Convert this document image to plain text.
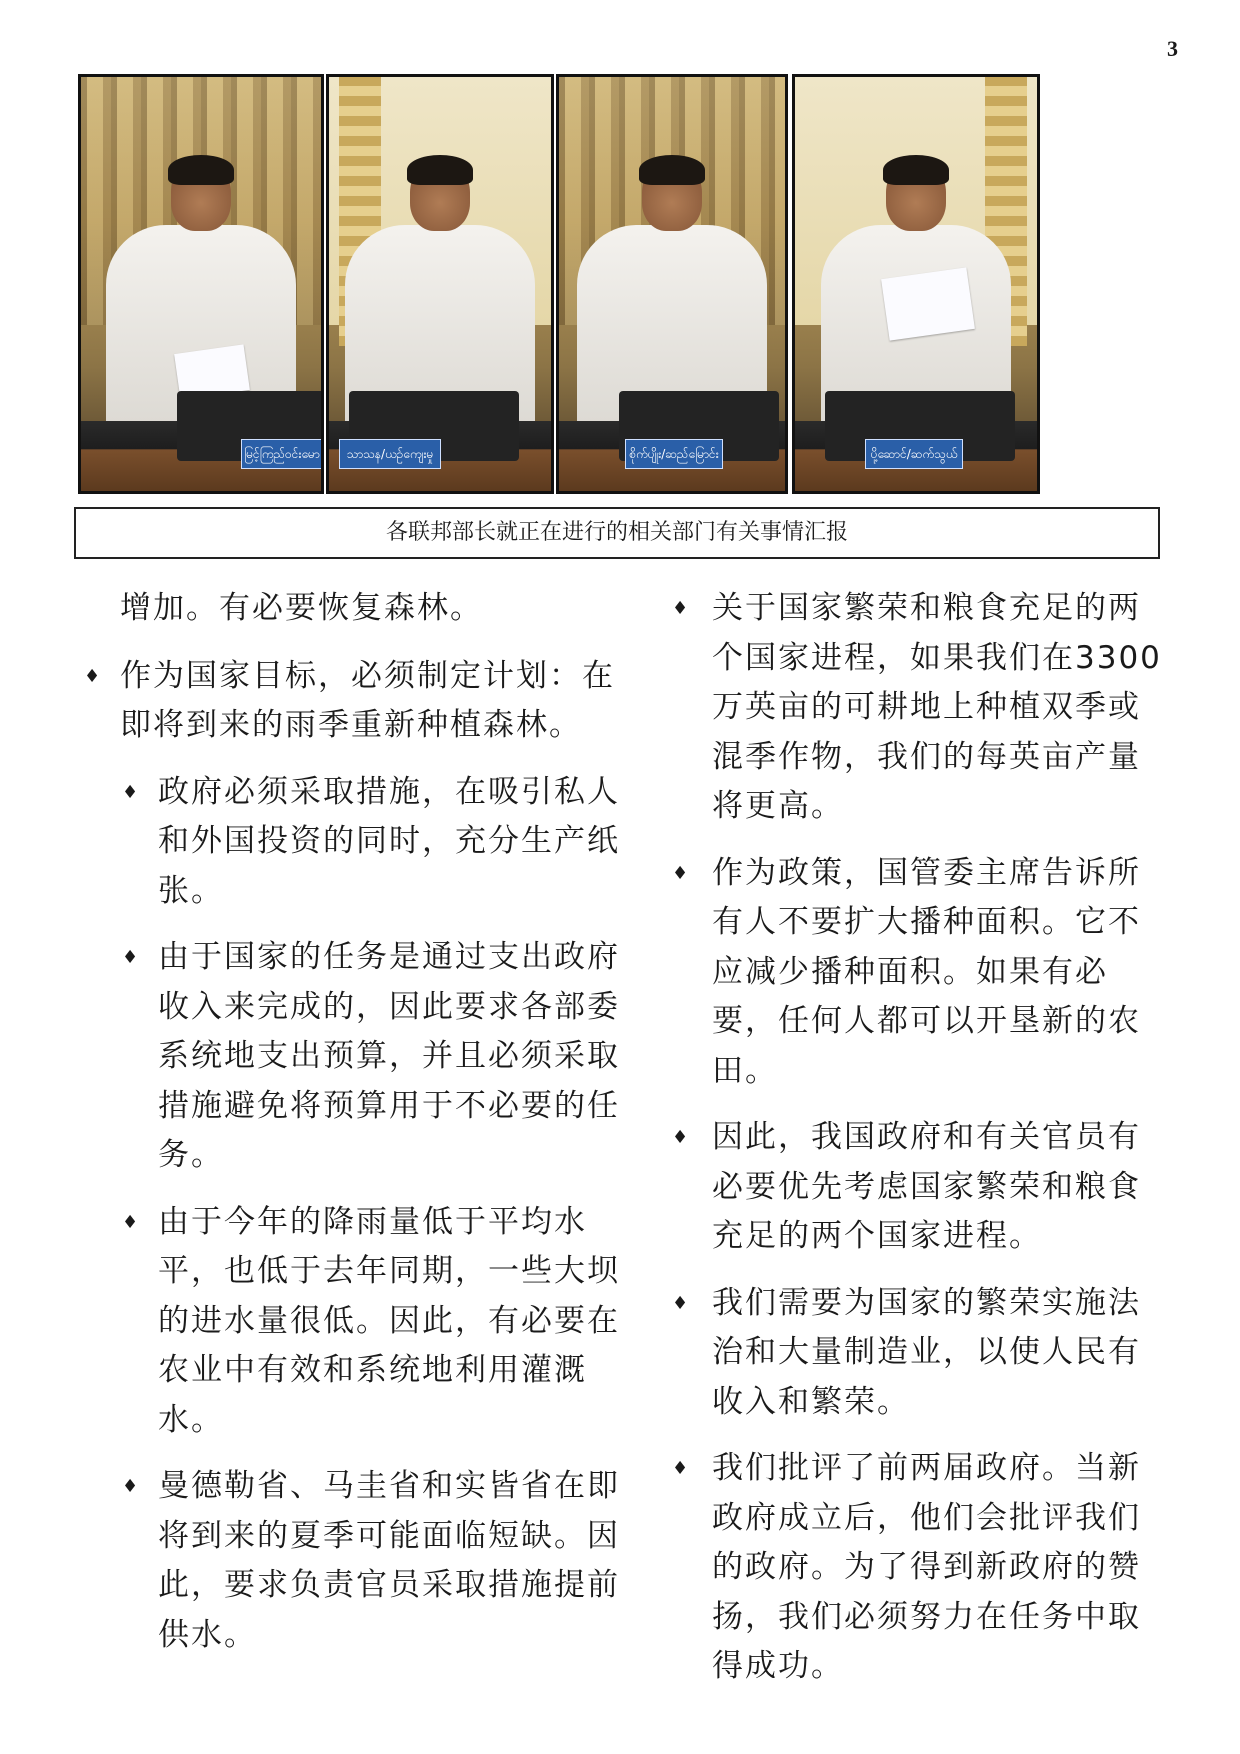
3
မြင့်ကြည်ဝင်းမော	သာသန/ယဉ်ကျေးမှု	စိုက်ပျိုး/ဆည်မြောင်း	ပို့ဆောင်/ဆက်သွယ်
各联邦部长就正在进行的相关部门有关事情汇报

增加。有必要恢复森林。

♦ 作为国家目标，必须制定计划：在即将到来的雨季重新种植森林。

♦ 政府必须采取措施，在吸引私人和外国投资的同时，充分生产纸张。

♦ 由于国家的任务是通过支出政府收入来完成的，因此要求各部委系统地支出预算，并且必须采取措施避免将预算用于不必要的任务。

♦ 由于今年的降雨量低于平均水平，也低于去年同期，一些大坝的进水量很低。因此，有必要在农业中有效和系统地利用灌溉水。

♦ 曼德勒省、马圭省和实皆省在即将到来的夏季可能面临短缺。因此，要求负责官员采取措施提前供水。

♦ 关于国家繁荣和粮食充足的两个国家进程，如果我们在3300万英亩的可耕地上种植双季或混季作物，我们的每英亩产量将更高。

♦ 作为政策，国管委主席告诉所有人不要扩大播种面积。它不应减少播种面积。如果有必要，任何人都可以开垦新的农田。

♦ 因此，我国政府和有关官员有必要优先考虑国家繁荣和粮食充足的两个国家进程。

♦ 我们需要为国家的繁荣实施法治和大量制造业，以使人民有收入和繁荣。

♦ 我们批评了前两届政府。当新政府成立后，他们会批评我们的政府。为了得到新政府的赞扬，我们必须努力在任务中取得成功。
